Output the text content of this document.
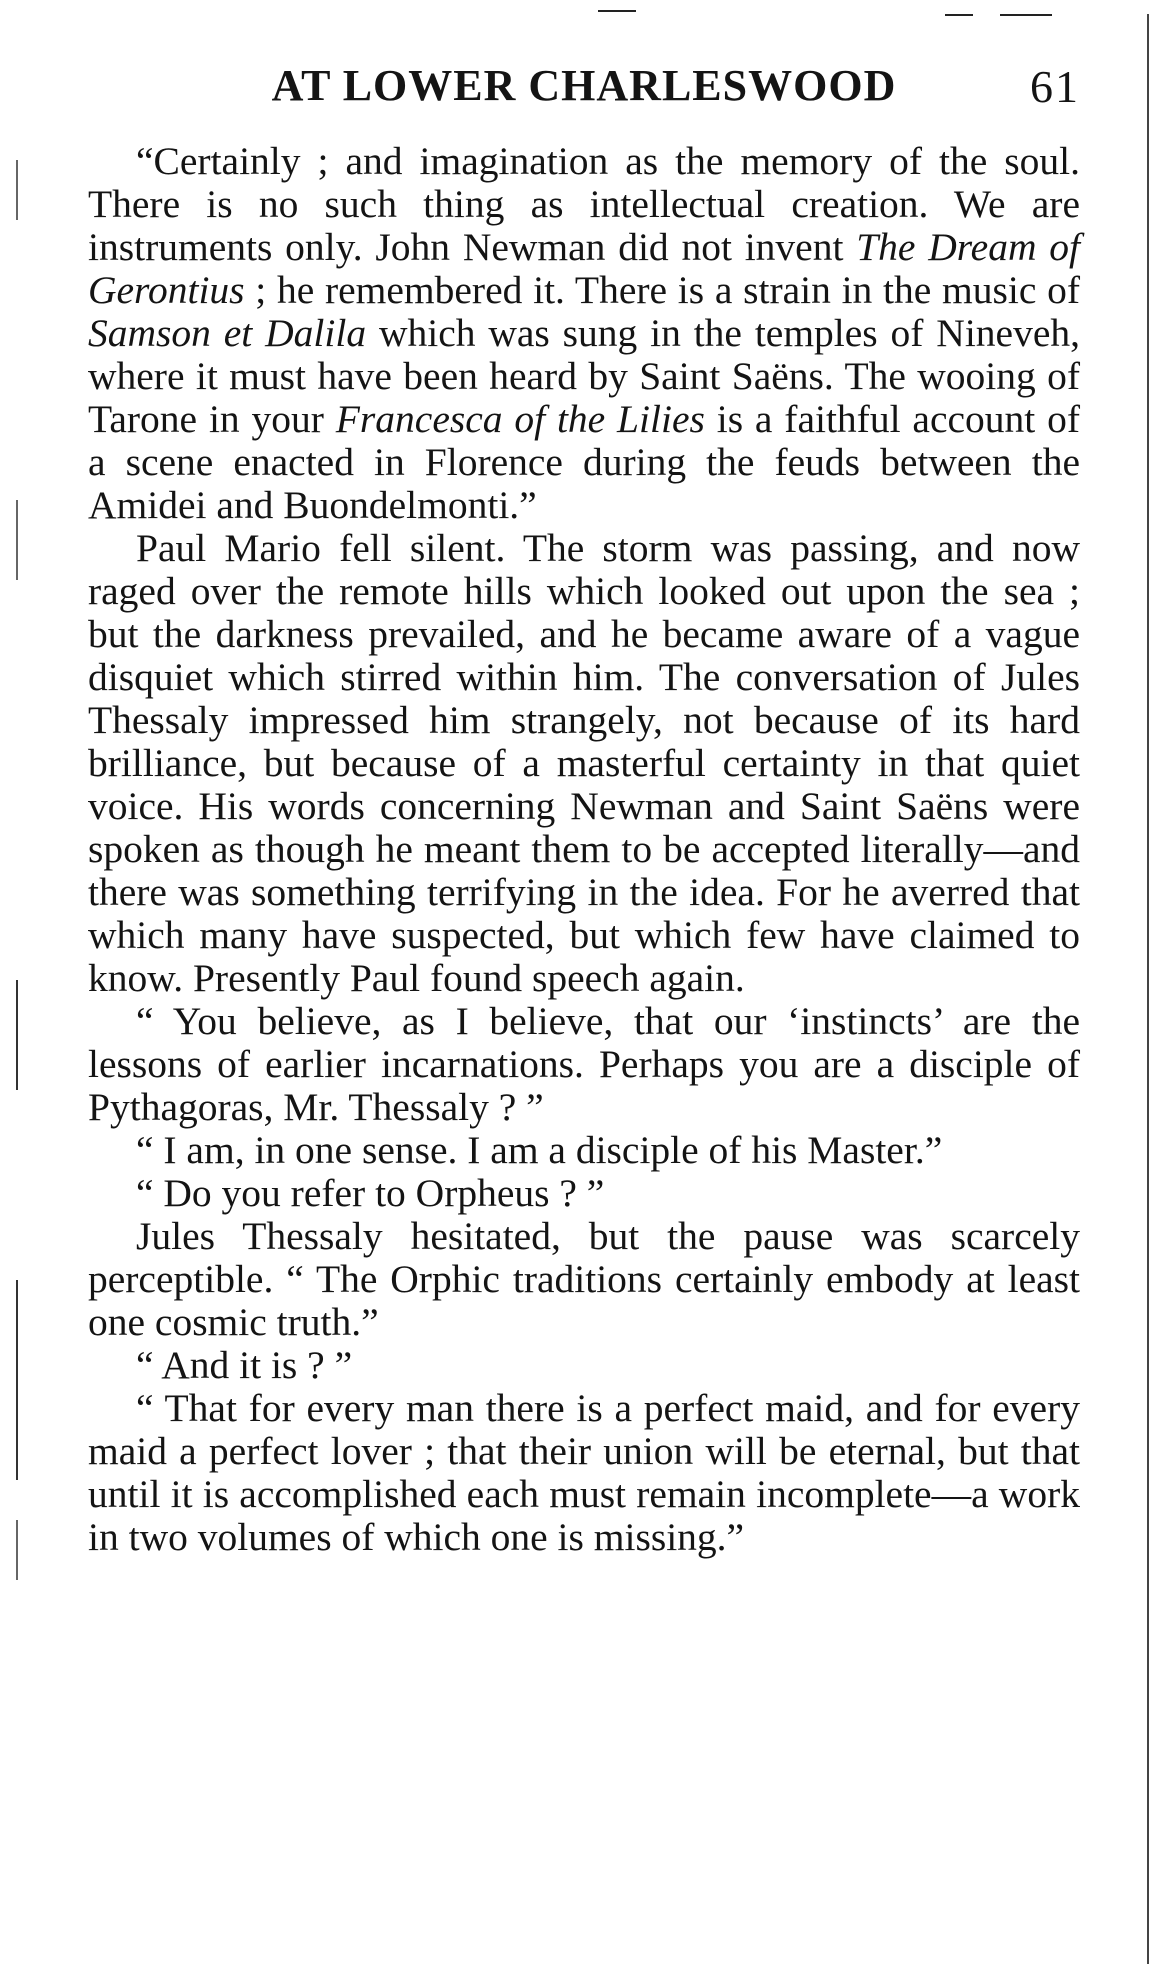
AT LOWER CHARLESWOOD	61

“Certainly ; and imagination as the memory of the soul. There is no such thing as intellectual creation. We are instruments only. John Newman did not invent The Dream of Gerontius ; he remembered it. There is a strain in the music of Samson et Dalila which was sung in the temples of Nineveh, where it must have been heard by Saint Saëns. The wooing of Tarone in your Francesca of the Lilies is a faithful account of a scene enacted in Florence during the feuds between the Amidei and Buondelmonti.”

Paul Mario fell silent. The storm was passing, and now raged over the remote hills which looked out upon the sea ; but the darkness prevailed, and he became aware of a vague disquiet which stirred within him. The conversation of Jules Thessaly impressed him strangely, not because of its hard brilliance, but because of a masterful certainty in that quiet voice. His words concerning Newman and Saint Saëns were spoken as though he meant them to be accepted literally—and there was something terrifying in the idea. For he averred that which many have suspected, but which few have claimed to know. Presently Paul found speech again.

“ You believe, as I believe, that our ‘instincts’ are the lessons of earlier incarnations. Perhaps you are a disciple of Pythagoras, Mr. Thessaly ? ”

“ I am, in one sense. I am a disciple of his Master.”

“ Do you refer to Orpheus ? ”

Jules Thessaly hesitated, but the pause was scarcely perceptible. “ The Orphic traditions certainly embody at least one cosmic truth.”

“ And it is ? ”

“ That for every man there is a perfect maid, and for every maid a perfect lover ; that their union will be eternal, but that until it is accomplished each must remain incomplete—a work in two volumes of which one is missing.”
